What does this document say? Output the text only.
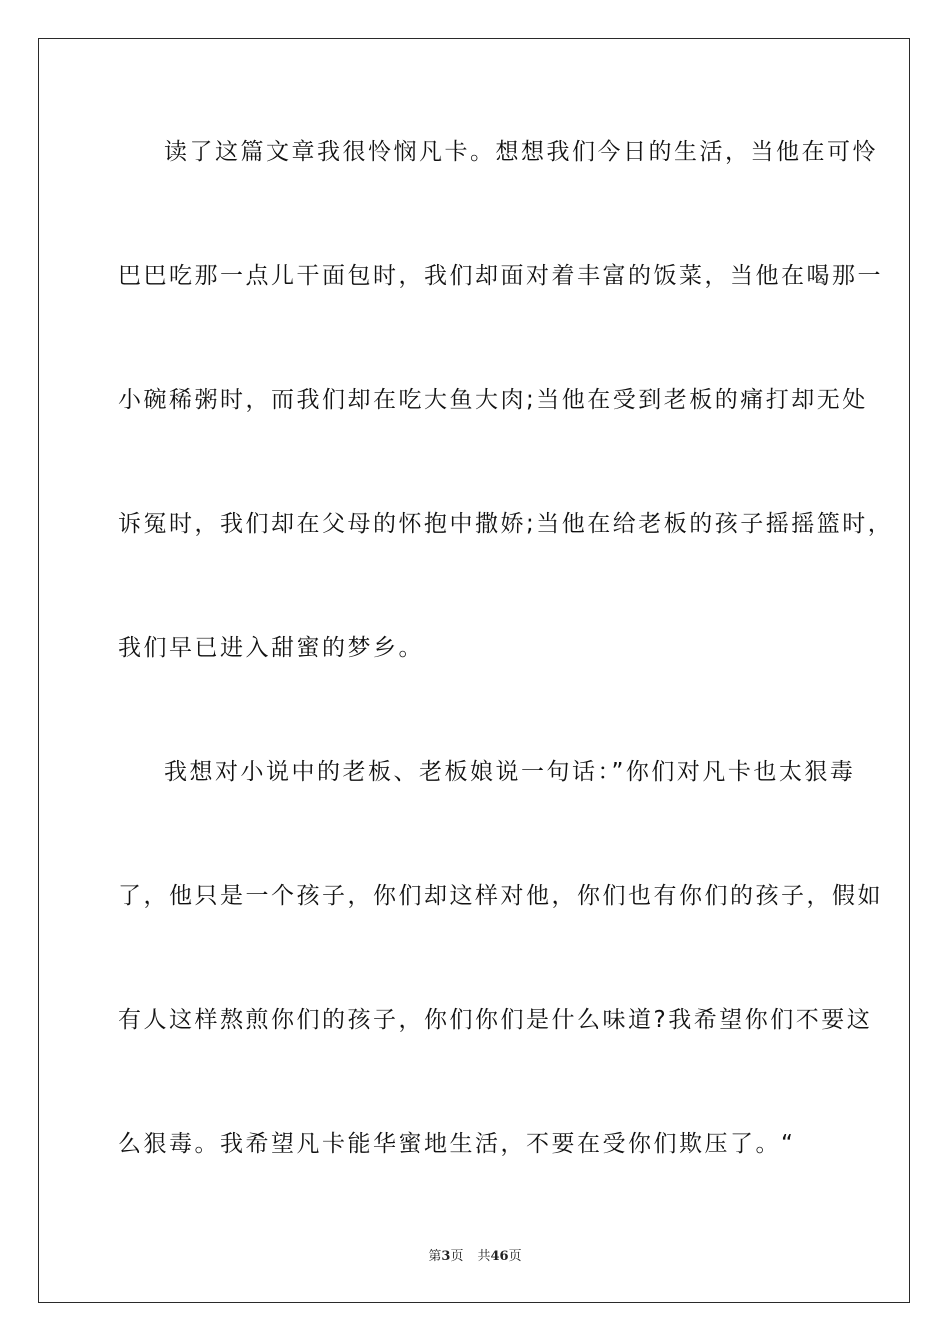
读了这篇文章我很怜悯凡卡。想想我们今日的生活，当他在可怜
巴巴吃那一点儿干面包时，我们却面对着丰富的饭菜，当他在喝那一
小碗稀粥时，而我们却在吃大鱼大肉;当他在受到老板的痛打却无处
诉冤时，我们却在父母的怀抱中撒娇;当他在给老板的孩子摇摇篮时，
我们早已进入甜蜜的梦乡。
我想对小说中的老板、老板娘说一句话：”你们对凡卡也太狠毒
了，他只是一个孩子，你们却这样对他，你们也有你们的孩子，假如
有人这样熬煎你们的孩子，你们你们是什么味道?我希望你们不要这
么狠毒。我希望凡卡能华蜜地生活，不要在受你们欺压了。“
第3页 共46页
